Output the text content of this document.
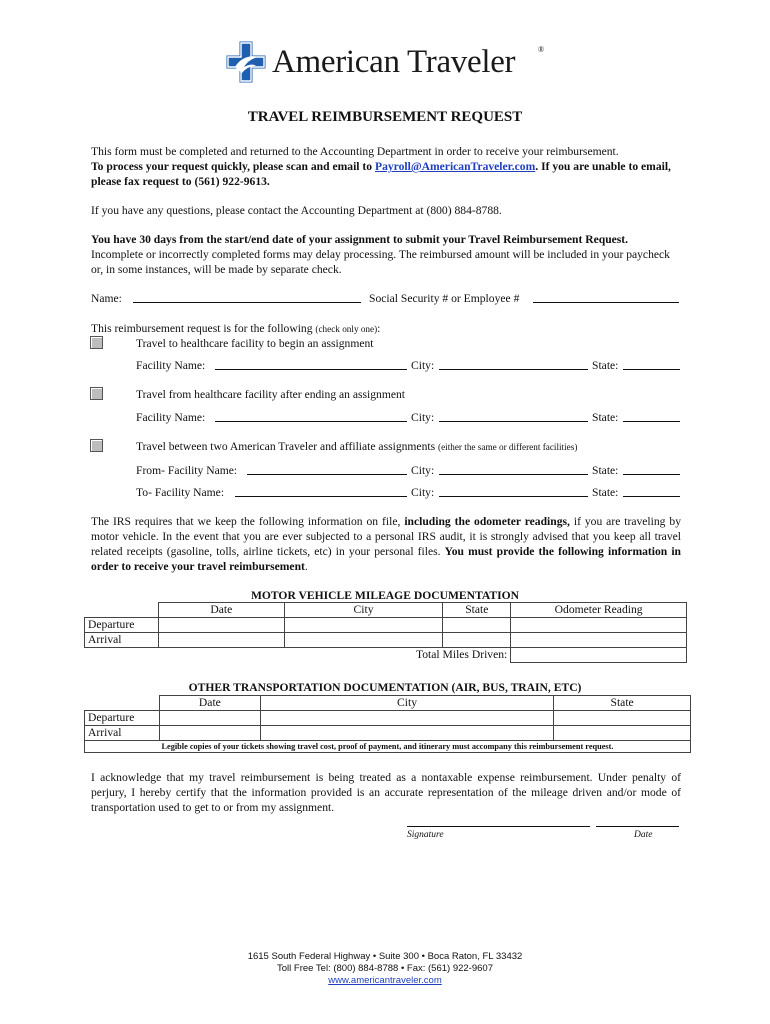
American Traveler	®
TRAVEL REIMBURSEMENT REQUEST
This form must be completed and returned to the Accounting Department in order to receive your reimbursement.
To process your request quickly, please scan and email to Payroll@AmericanTraveler.com. If you are unable to email, please fax request to (561) 922-9613.
If you have any questions, please contact the Accounting Department at (800) 884-8788.
You have 30 days from the start/end date of your assignment to submit your Travel Reimbursement Request.
Incomplete or incorrectly completed forms may delay processing. The reimbursed amount will be included in your paycheck or, in some instances, will be made by separate check.
Name:	Social Security # or Employee #
This reimbursement request is for the following (check only one):
Travel to healthcare facility to begin an assignment
Facility Name:	City:	State:
Travel from healthcare facility after ending an assignment
Facility Name:	City:	State:
Travel between two American Traveler and affiliate assignments (either the same or different facilities)
From- Facility Name:	City:	State:
To- Facility Name:	City:	State:
The IRS requires that we keep the following information on file, including the odometer readings, if you are traveling by motor vehicle. In the event that you are ever subjected to a personal IRS audit, it is strongly advised that you keep all travel related receipts (gasoline, tolls, airline tickets, etc) in your personal files. You must provide the following information in order to receive your travel reimbursement.
MOTOR VEHICLE MILEAGE DOCUMENTATION
	Date	City	State	Odometer Reading
Departure				
Arrival				
Total Miles Driven:				
OTHER TRANSPORTATION DOCUMENTATION (AIR, BUS, TRAIN, ETC)
	Date	City	State
Departure			
Arrival			
Legible copies of your tickets showing travel cost, proof of payment, and itinerary must accompany this reimbursement request.			
I acknowledge that my travel reimbursement is being treated as a nontaxable expense reimbursement. Under penalty of perjury, I hereby certify that the information provided is an accurate representation of the mileage driven and/or mode of transportation used to get to or from my assignment.
Signature	Date
1615 South Federal Highway • Suite 300 • Boca Raton, FL 33432
Toll Free Tel: (800) 884-8788 • Fax: (561) 922-9607
www.americantraveler.com
